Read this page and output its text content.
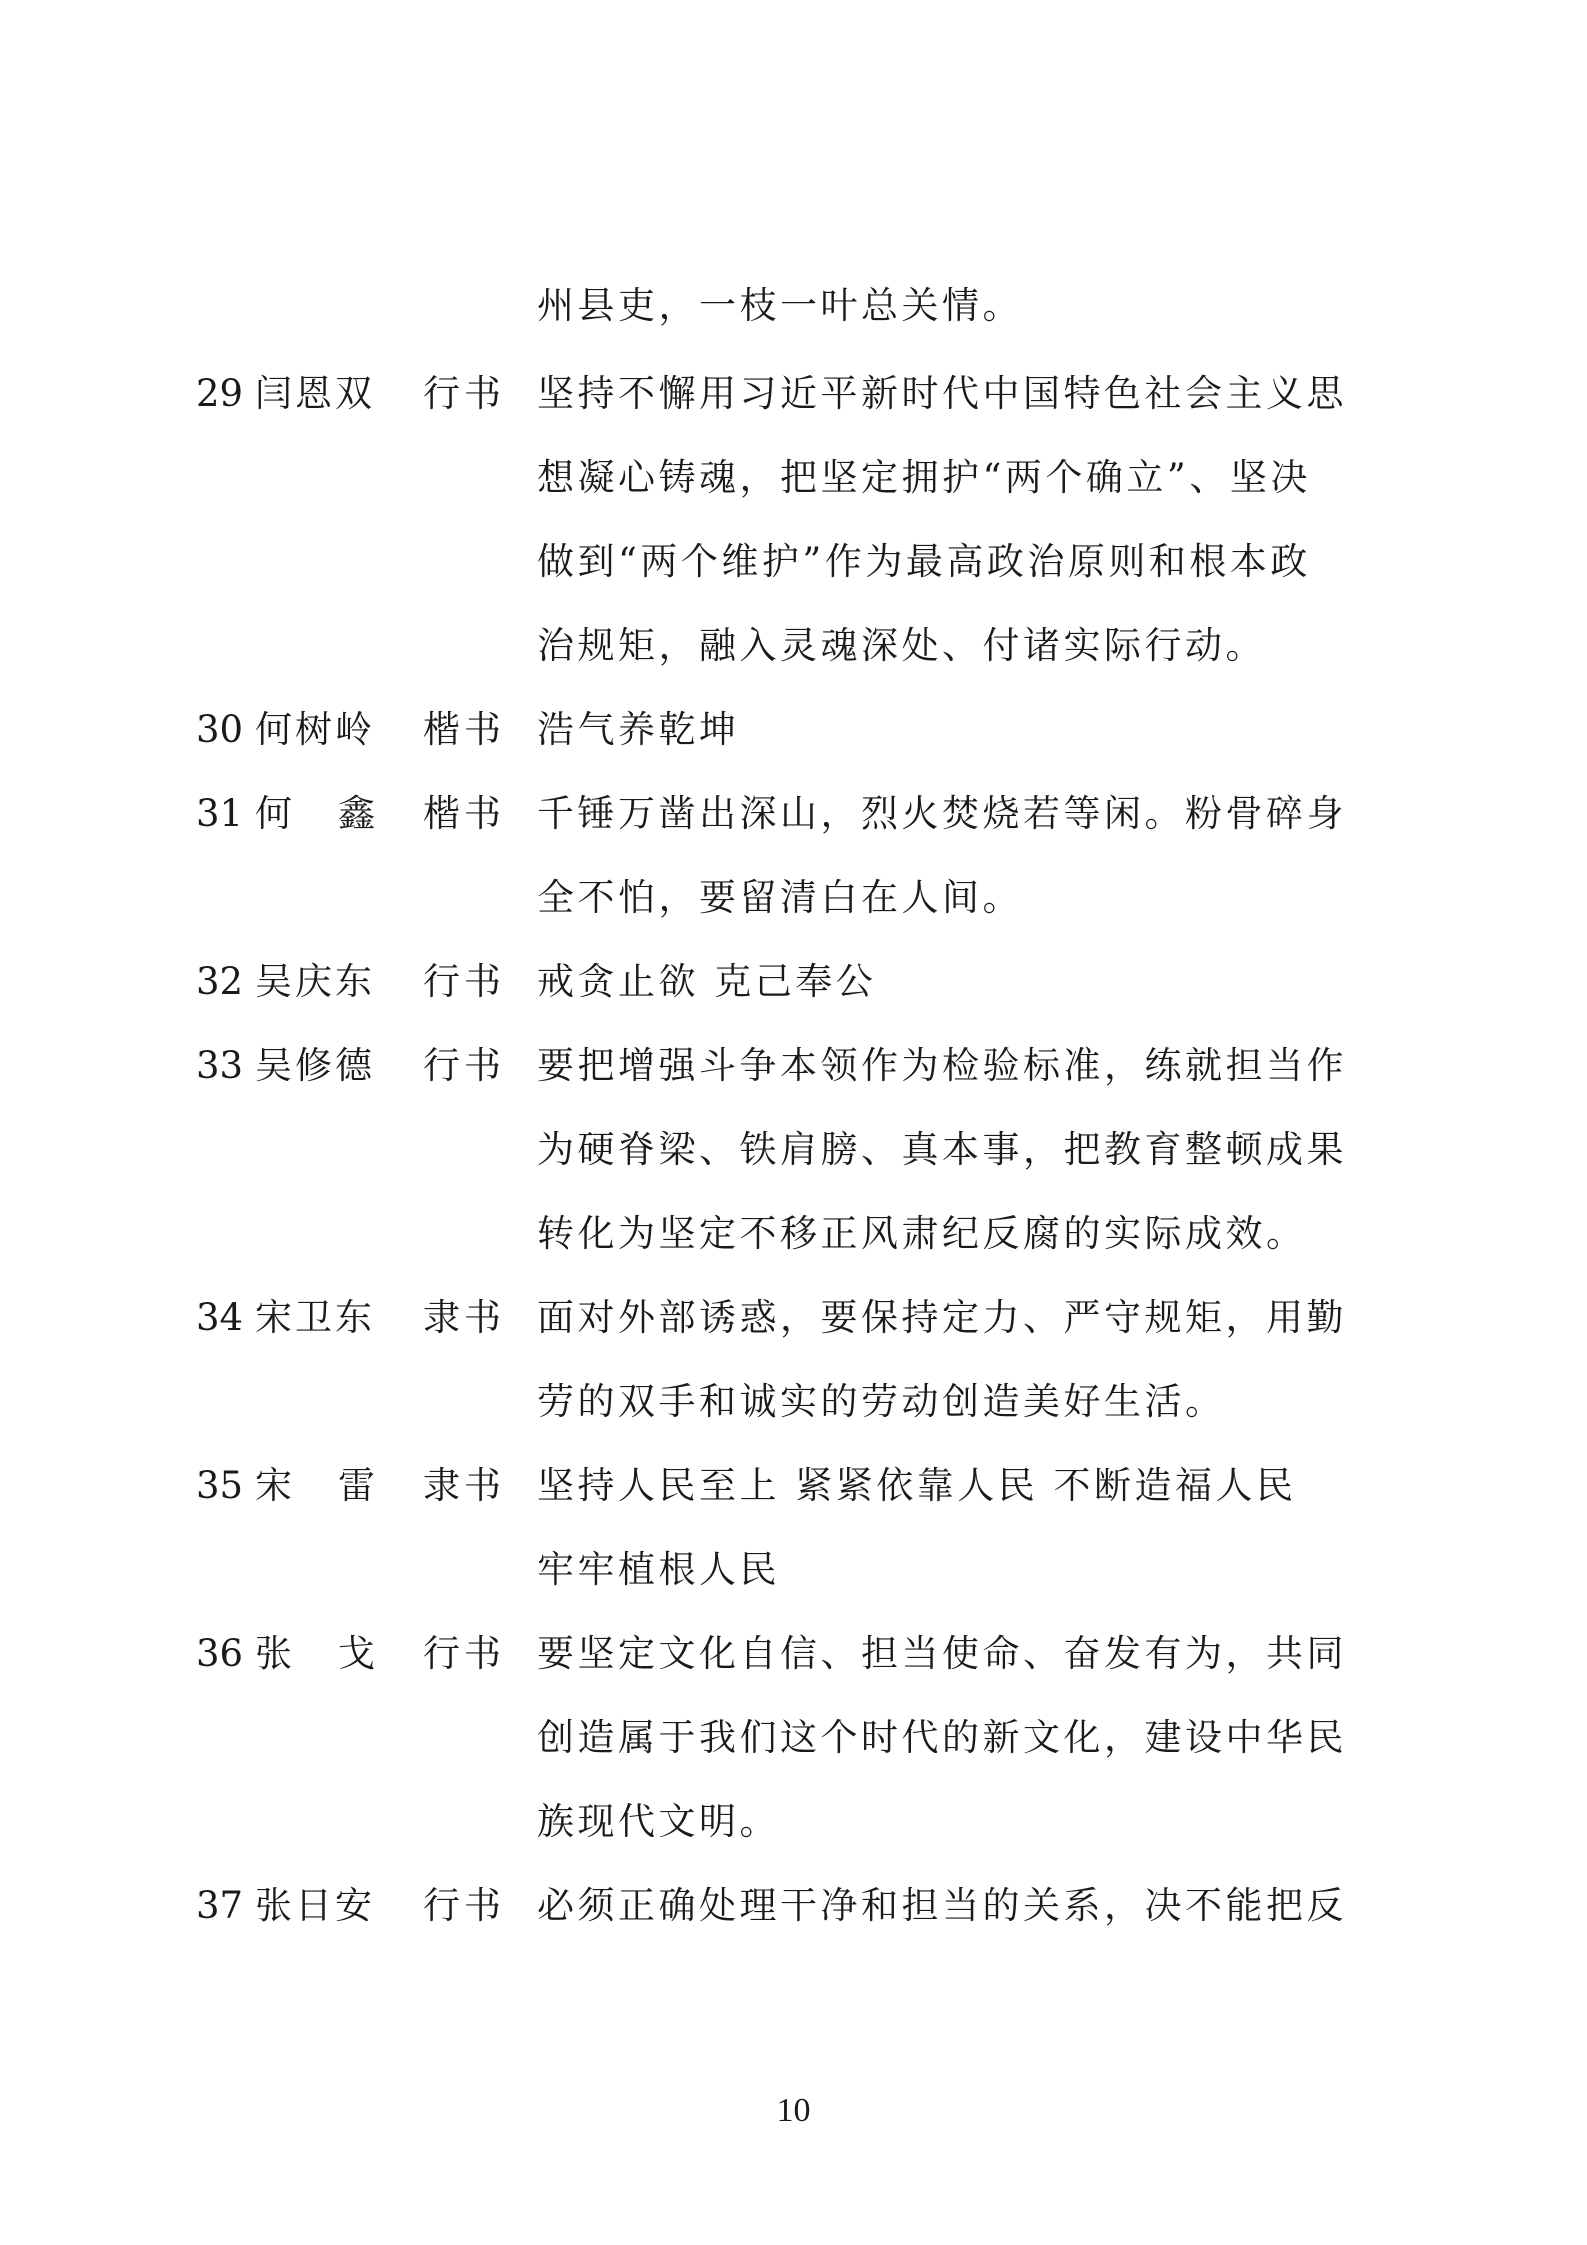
州县吏，一枝一叶总关情。
29 闫恩双 行书 坚持不懈用习近平新时代中国特色社会主义思
想凝心铸魂，把坚定拥护“两个确立”、坚决
做到“两个维护”作为最高政治原则和根本政
治规矩，融入灵魂深处、付诸实际行动。
30 何树岭 楷书 浩气养乾坤
31 何 鑫 楷书 千锤万凿出深山，烈火焚烧若等闲。粉骨碎身
全不怕，要留清白在人间。
32 吴庆东 行书 戒贪止欲 克己奉公
33 吴修德 行书 要把增强斗争本领作为检验标准，练就担当作
为硬脊梁、铁肩膀、真本事，把教育整顿成果
转化为坚定不移正风肃纪反腐的实际成效。
34 宋卫东 隶书 面对外部诱惑，要保持定力、严守规矩，用勤
劳的双手和诚实的劳动创造美好生活。
35 宋 雷 隶书 坚持人民至上 紧紧依靠人民 不断造福人民
牢牢植根人民
36 张 戈 行书 要坚定文化自信、担当使命、奋发有为，共同
创造属于我们这个时代的新文化，建设中华民
族现代文明。
37 张日安 行书 必须正确处理干净和担当的关系，决不能把反
10
